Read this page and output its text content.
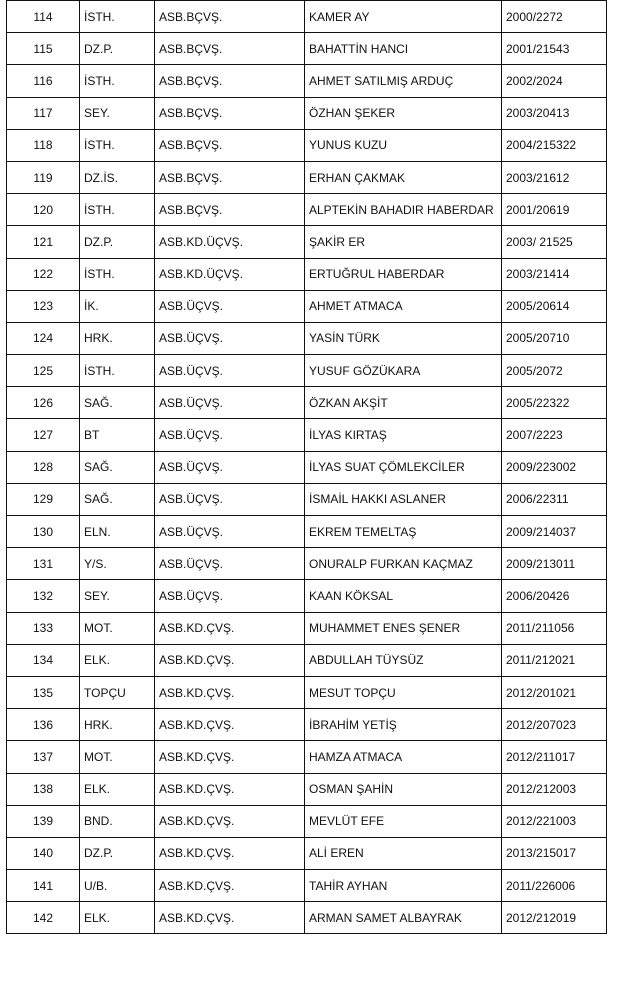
114	İSTH.	ASB.BÇVŞ.	KAMER AY	2000/2272
115	DZ.P.	ASB.BÇVŞ.	BAHATTİN HANCI	2001/21543
116	İSTH.	ASB.BÇVŞ.	AHMET SATILMIŞ ARDUÇ	2002/2024
117	SEY.	ASB.BÇVŞ.	ÖZHAN ŞEKER	2003/20413
118	İSTH.	ASB.BÇVŞ.	YUNUS KUZU	2004/215322
119	DZ.İS.	ASB.BÇVŞ.	ERHAN ÇAKMAK	2003/21612
120	İSTH.	ASB.BÇVŞ.	ALPTEKİN BAHADIR HABERDAR	2001/20619
121	DZ.P.	ASB.KD.ÜÇVŞ.	ŞAKİR ER	2003/ 21525
122	İSTH.	ASB.KD.ÜÇVŞ.	ERTUĞRUL HABERDAR	2003/21414
123	İK.	ASB.ÜÇVŞ.	AHMET ATMACA	2005/20614
124	HRK.	ASB.ÜÇVŞ.	YASİN TÜRK	2005/20710
125	İSTH.	ASB.ÜÇVŞ.	YUSUF GÖZÜKARA	2005/2072
126	SAĞ.	ASB.ÜÇVŞ.	ÖZKAN AKŞİT	2005/22322
127	BT	ASB.ÜÇVŞ.	İLYAS KIRTAŞ	2007/2223
128	SAĞ.	ASB.ÜÇVŞ.	İLYAS SUAT ÇÖMLEKCİLER	2009/223002
129	SAĞ.	ASB.ÜÇVŞ.	İSMAİL HAKKI ASLANER	2006/22311
130	ELN.	ASB.ÜÇVŞ.	EKREM TEMELTAŞ	2009/214037
131	Y/S.	ASB.ÜÇVŞ.	ONURALP FURKAN KAÇMAZ	2009/213011
132	SEY.	ASB.ÜÇVŞ.	KAAN KÖKSAL	2006/20426
133	MOT.	ASB.KD.ÇVŞ.	MUHAMMET ENES ŞENER	2011/211056
134	ELK.	ASB.KD.ÇVŞ.	ABDULLAH TÜYSÜZ	2011/212021
135	TOPÇU	ASB.KD.ÇVŞ.	MESUT TOPÇU	2012/201021
136	HRK.	ASB.KD.ÇVŞ.	İBRAHİM YETİŞ	2012/207023
137	MOT.	ASB.KD.ÇVŞ.	HAMZA ATMACA	2012/211017
138	ELK.	ASB.KD.ÇVŞ.	OSMAN ŞAHİN	2012/212003
139	BND.	ASB.KD.ÇVŞ.	MEVLÜT EFE	2012/221003
140	DZ.P.	ASB.KD.ÇVŞ.	ALİ EREN	2013/215017
141	U/B.	ASB.KD.ÇVŞ.	TAHİR AYHAN	2011/226006
142	ELK.	ASB.KD.ÇVŞ.	ARMAN SAMET ALBAYRAK	2012/212019
